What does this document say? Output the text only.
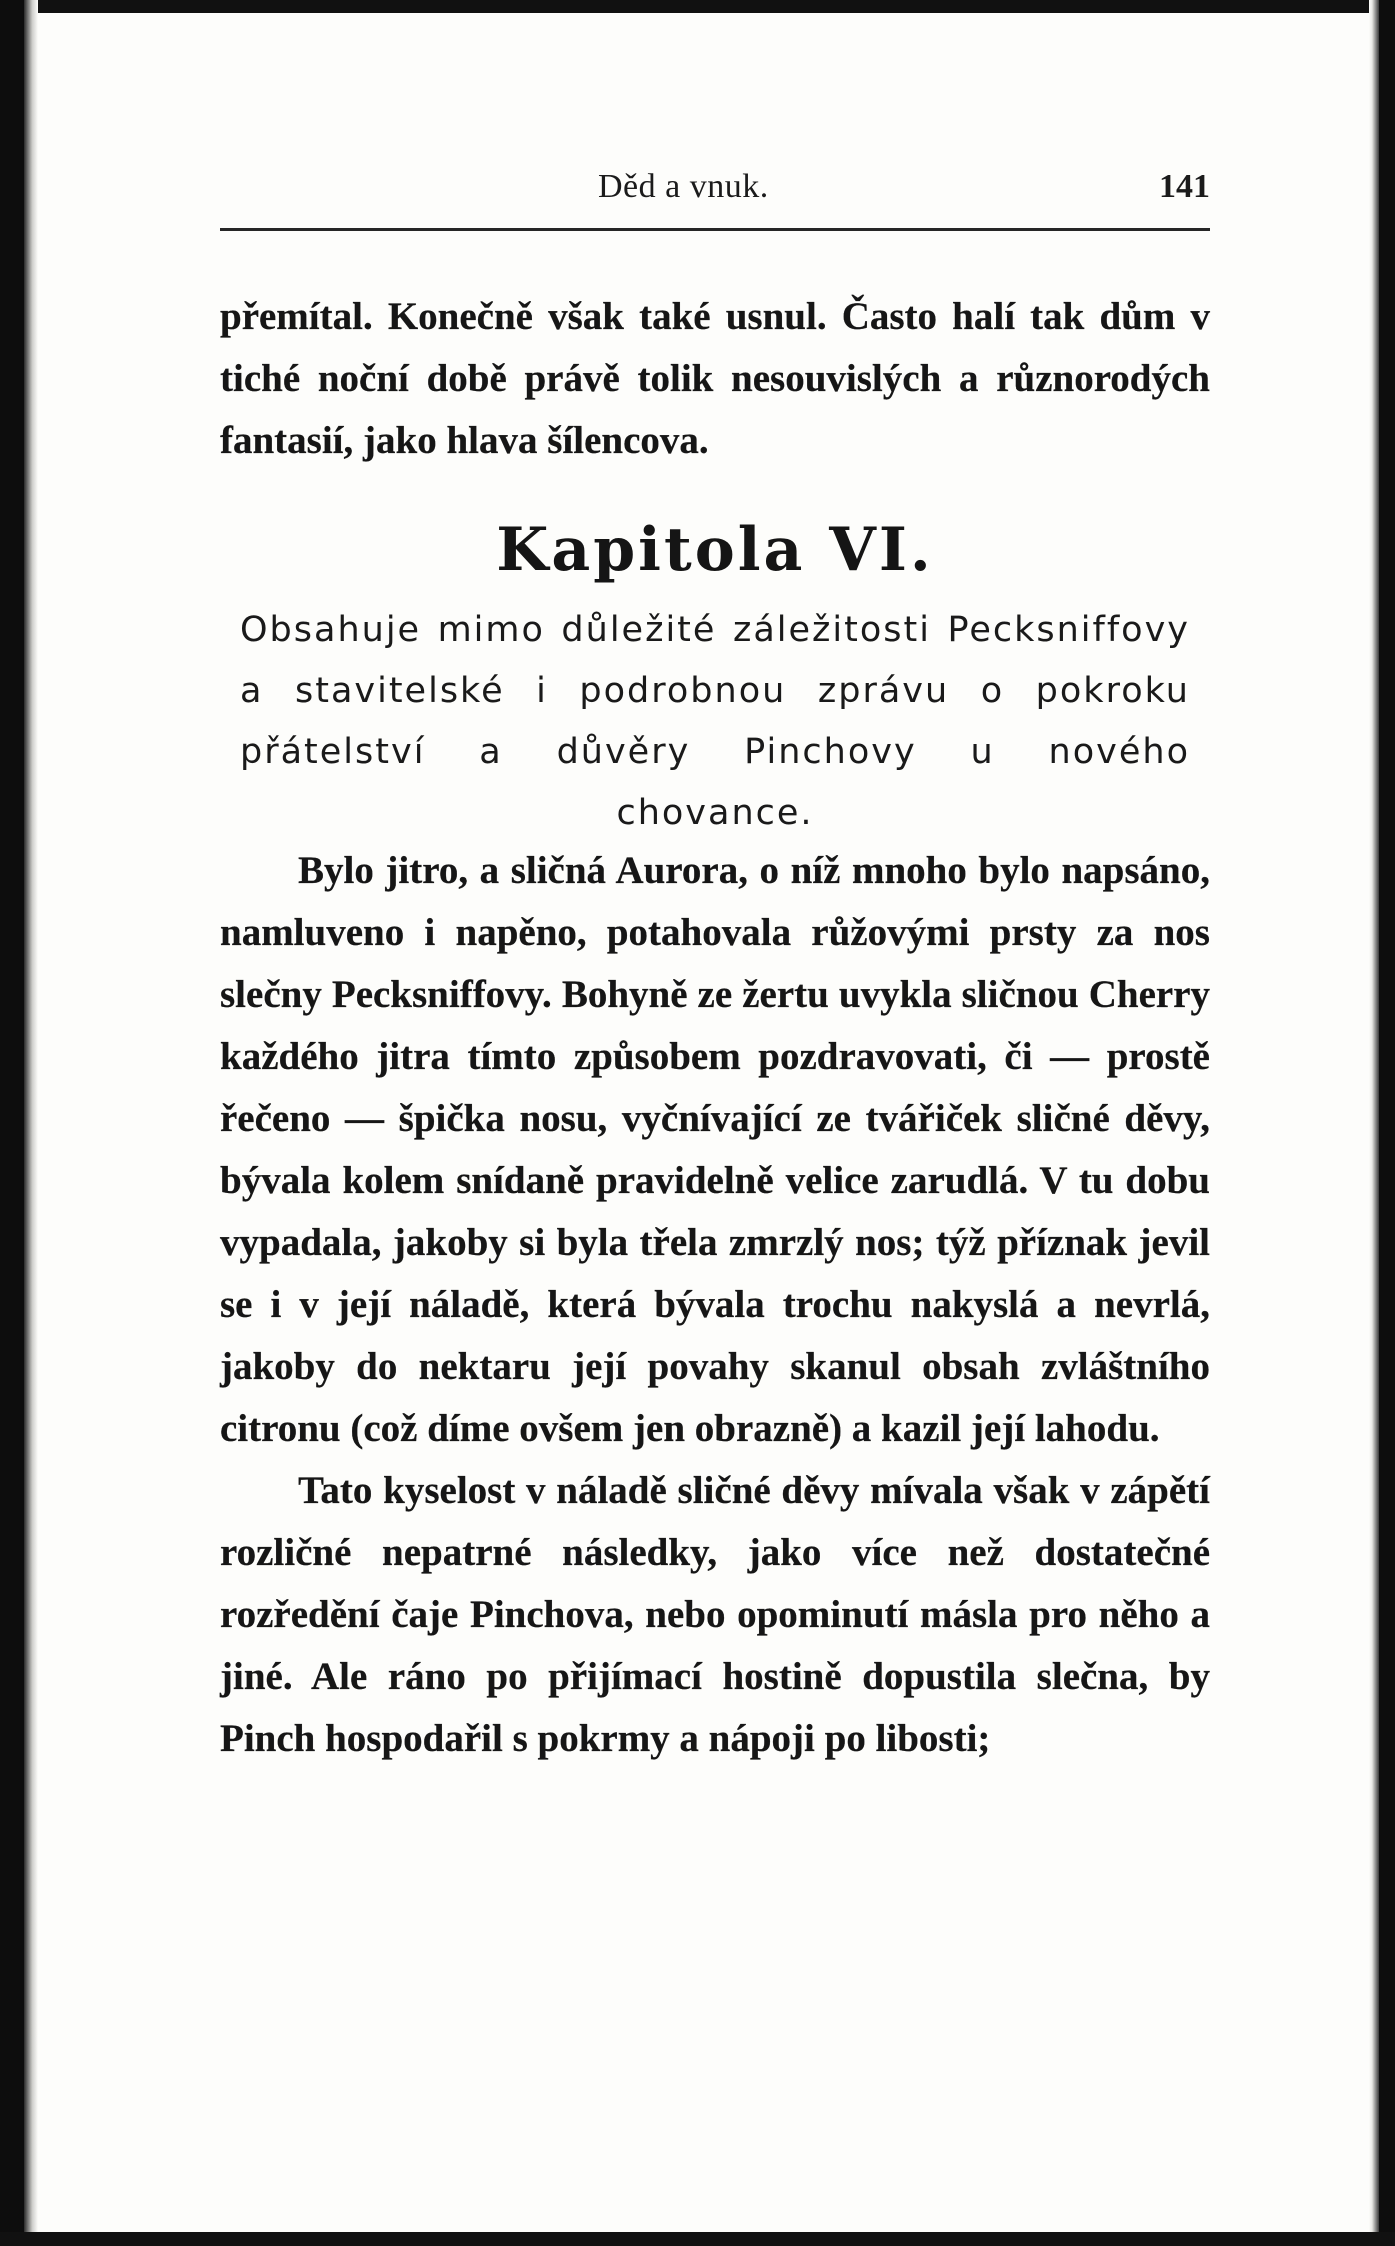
Děd a vnuk.	141
přemítal. Konečně však také usnul. Často halí tak dům v tiché noční době právě tolik nesouvislých a různorodých fantasií, jako hlava šílencova.
Kapitola VI.
Obsahuje mimo důležité záležitosti Pecksniffovy a stavitelské i podrobnou zprávu o pokroku přátelství a důvěry Pinchovy u nového chovance.

Bylo jitro, a sličná Aurora, o níž mnoho bylo napsáno, namluveno i napěno, potahovala růžovými prsty za nos slečny Pecksniffovy. Bohyně ze žertu uvykla sličnou Cherry každého jitra tímto způsobem pozdravovati, či — prostě řečeno — špička nosu, vyčnívající ze tvářiček sličné děvy, bývala kolem snídaně pravidelně velice zarudlá. V tu dobu vypadala, jakoby si byla třela zmrzlý nos; týž příznak jevil se i v její náladě, která bývala trochu nakyslá a nevrlá, jakoby do nektaru její povahy skanul obsah zvláštního citronu (což díme ovšem jen obrazně) a kazil její lahodu.

Tato kyselost v náladě sličné děvy mívala však v zápětí rozličné nepatrné následky, jako více než dostatečné rozředění čaje Pinchova, nebo opominutí másla pro něho a jiné. Ale ráno po přijímací hostině dopustila slečna, by Pinch hospodařil s pokrmy a nápoji po libosti;
